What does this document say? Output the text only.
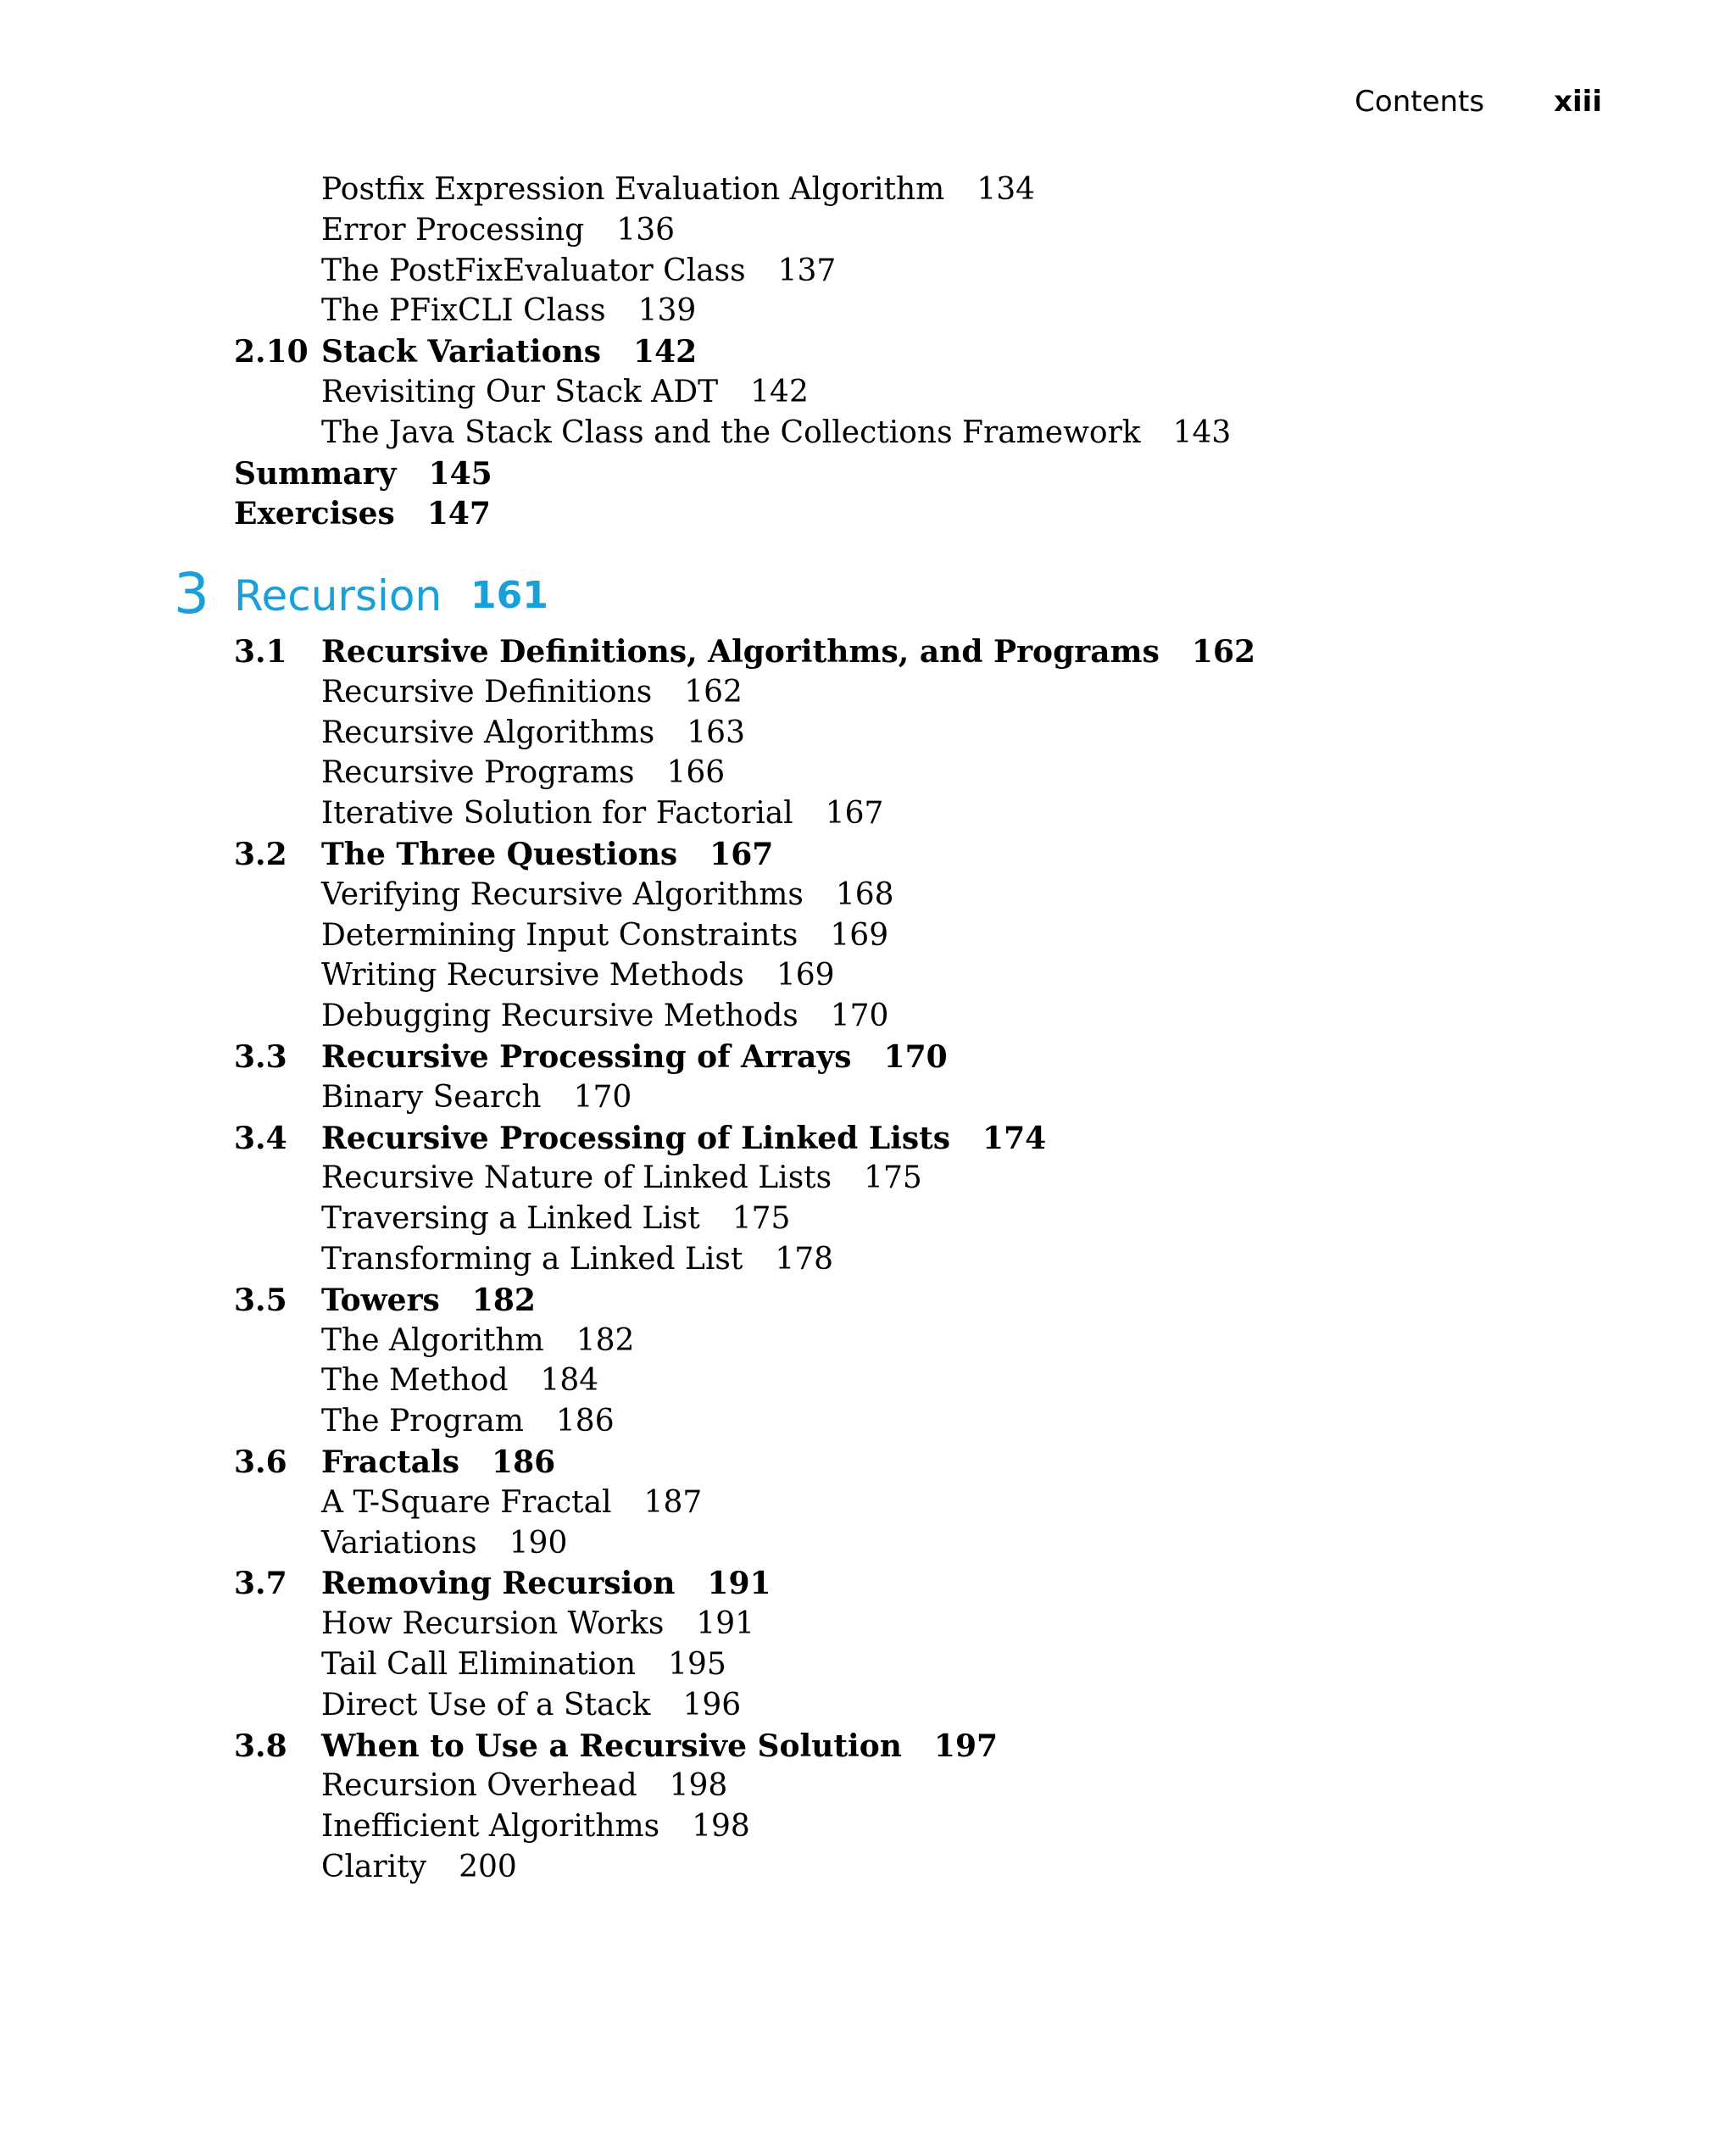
Contents xiii
3 Recursion 161
Postfix Expression Evaluation Algorithm 134
Error Processing 136
The PostFixEvaluator Class 137
The PFixCLI Class 139
2.10 Stack Variations 142
Revisiting Our Stack ADT 142
The Java Stack Class and the Collections Framework 143
Summary 145
Exercises 147
3.1 Recursive Definitions, Algorithms, and Programs 162
Recursive Definitions 162
Recursive Algorithms 163
Recursive Programs 166
Iterative Solution for Factorial 167
3.2 The Three Questions 167
Verifying Recursive Algorithms 168
Determining Input Constraints 169
Writing Recursive Methods 169
Debugging Recursive Methods 170
3.3 Recursive Processing of Arrays 170
Binary Search 170
3.4 Recursive Processing of Linked Lists 174
Recursive Nature of Linked Lists 175
Traversing a Linked List 175
Transforming a Linked List 178
3.5 Towers 182
The Algorithm 182
The Method 184
The Program 186
3.6 Fractals 186
A T-Square Fractal 187
Variations 190
3.7 Removing Recursion 191
How Recursion Works 191
Tail Call Elimination 195
Direct Use of a Stack 196
3.8 When to Use a Recursive Solution 197
Recursion Overhead 198
Inefficient Algorithms 198
Clarity 200
